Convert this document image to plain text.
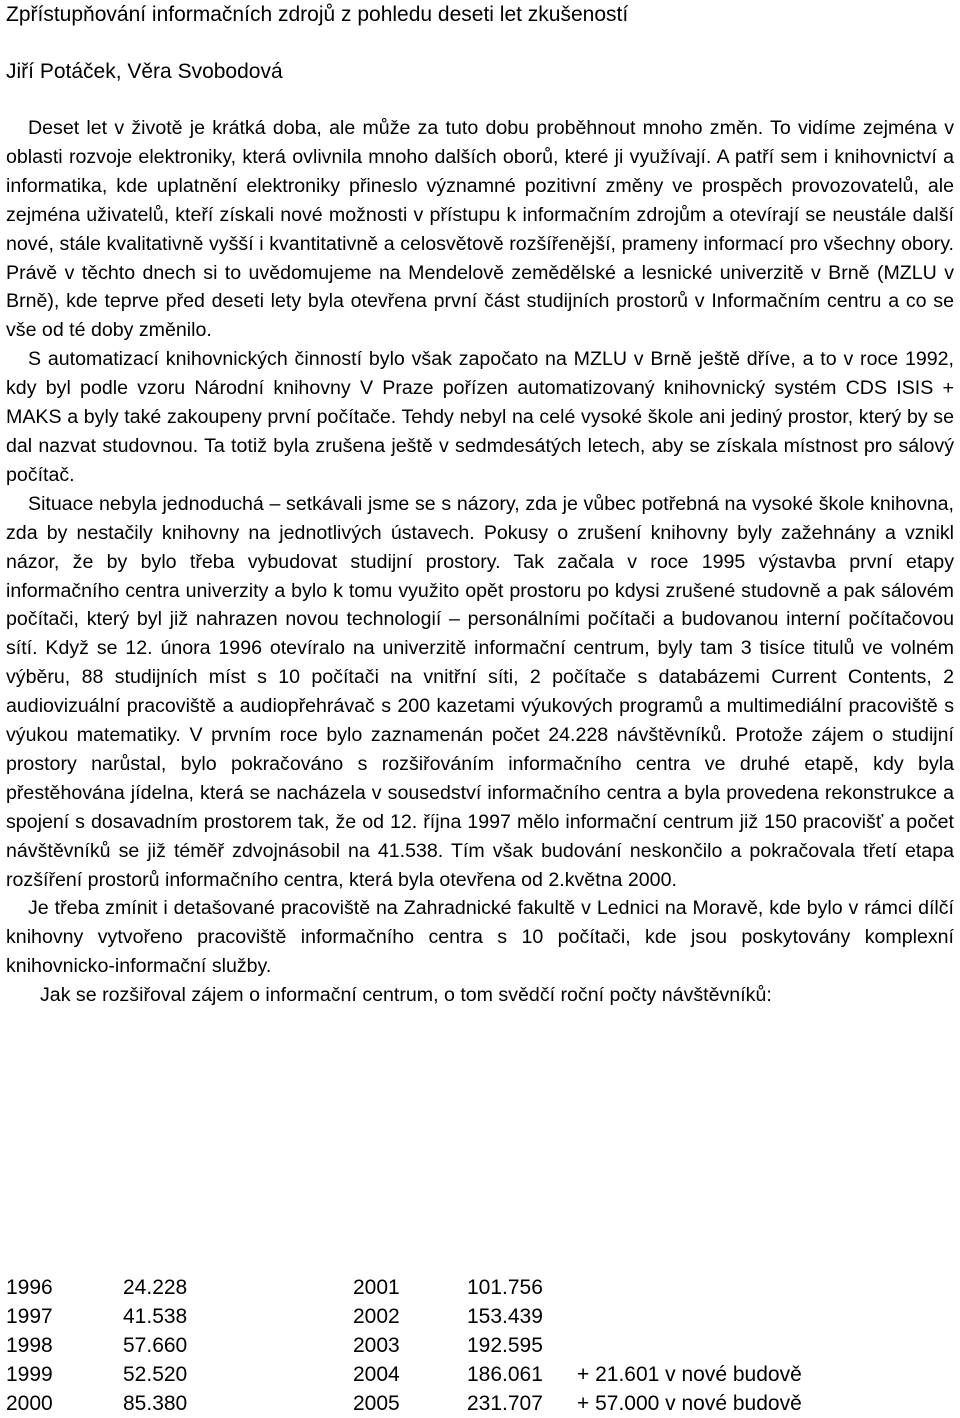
Zpřístupňování informačních zdrojů z pohledu deseti let zkušeností
Jiří Potáček, Věra Svobodová

Deset let v životě je krátká doba, ale může za tuto dobu proběhnout mnoho změn. To vidíme zejména v oblasti rozvoje elektroniky, která ovlivnila mnoho dalších oborů, které ji využívají. A patří sem i knihovnictví a informatika, kde uplatnění elektroniky přineslo významné pozitivní změny ve prospěch provozovatelů, ale zejména uživatelů, kteří získali nové možnosti v přístupu k informačním zdrojům a otevírají se neustále další nové, stále kvalitativně vyšší i kvantitativně a celosvětově rozšířenější, prameny informací pro všechny obory. Právě v těchto dnech si to uvědomujeme na Mendelově zemědělské a lesnické univerzitě v Brně (MZLU v Brně), kde teprve před deseti lety byla otevřena první část studijních prostorů v Informačním centru a co se vše od té doby změnilo.

S automatizací knihovnických činností bylo však započato na MZLU v Brně ještě dříve, a to v roce 1992, kdy byl podle vzoru Národní knihovny V Praze pořízen automatizovaný knihovnický systém CDS ISIS + MAKS a byly také zakoupeny první počítače. Tehdy nebyl na celé vysoké škole ani jediný prostor, který by se dal nazvat studovnou. Ta totiž byla zrušena ještě v sedmdesátých letech, aby se získala místnost pro sálový počítač.

Situace nebyla jednoduchá – setkávali jsme se s názory, zda je vůbec potřebná na vysoké škole knihovna, zda by nestačily knihovny na jednotlivých ústavech. Pokusy o zrušení knihovny byly zažehnány a vznikl názor, že by bylo třeba vybudovat studijní prostory. Tak začala v roce 1995 výstavba první etapy informačního centra univerzity a bylo k tomu využito opět prostoru po kdysi zrušené studovně a pak sálovém počítači, který byl již nahrazen novou technologií – personálními počítači a budovanou interní počítačovou sítí. Když se 12. února 1996 otevíralo na univerzitě informační centrum, byly tam 3 tisíce titulů ve volném výběru, 88 studijních míst s 10 počítači na vnitřní síti, 2 počítače s databázemi Current Contents, 2 audiovizuální pracoviště a audiopřehrávač s 200 kazetami výukových programů a multimediální pracoviště s výukou matematiky. V prvním roce bylo zaznamenán počet 24.228 návštěvníků. Protože zájem o studijní prostory narůstal, bylo pokračováno s rozšiřováním informačního centra ve druhé etapě, kdy byla přestěhována jídelna, která se nacházela v sousedství informačního centra a byla provedena rekonstrukce a spojení s dosavadním prostorem tak, že od 12. října 1997 mělo informační centrum již 150 pracovišť a počet návštěvníků se již téměř zdvojnásobil na 41.538. Tím však budování neskončilo a pokračovala třetí etapa rozšíření prostorů informačního centra, která byla otevřena od 2.května 2000.

Je třeba zmínit i detašované pracoviště na Zahradnické fakultě v Lednici na Moravě, kde bylo v rámci dílčí knihovny vytvořeno pracoviště informačního centra s 10 počítači, kde jsou poskytovány komplexní knihovnicko-informační služby.

Jak se rozšiřoval zájem o informační centrum, o tom svědčí roční počty návštěvníků:

1996	24.228	2001	101.756
1997	41.538	2002	153.439
1998	57.660	2003	192.595
1999	52.520	2004	186.061 + 21.601 v nové budově
2000	85.380	2005	231.707 + 57.000 v nové budově
